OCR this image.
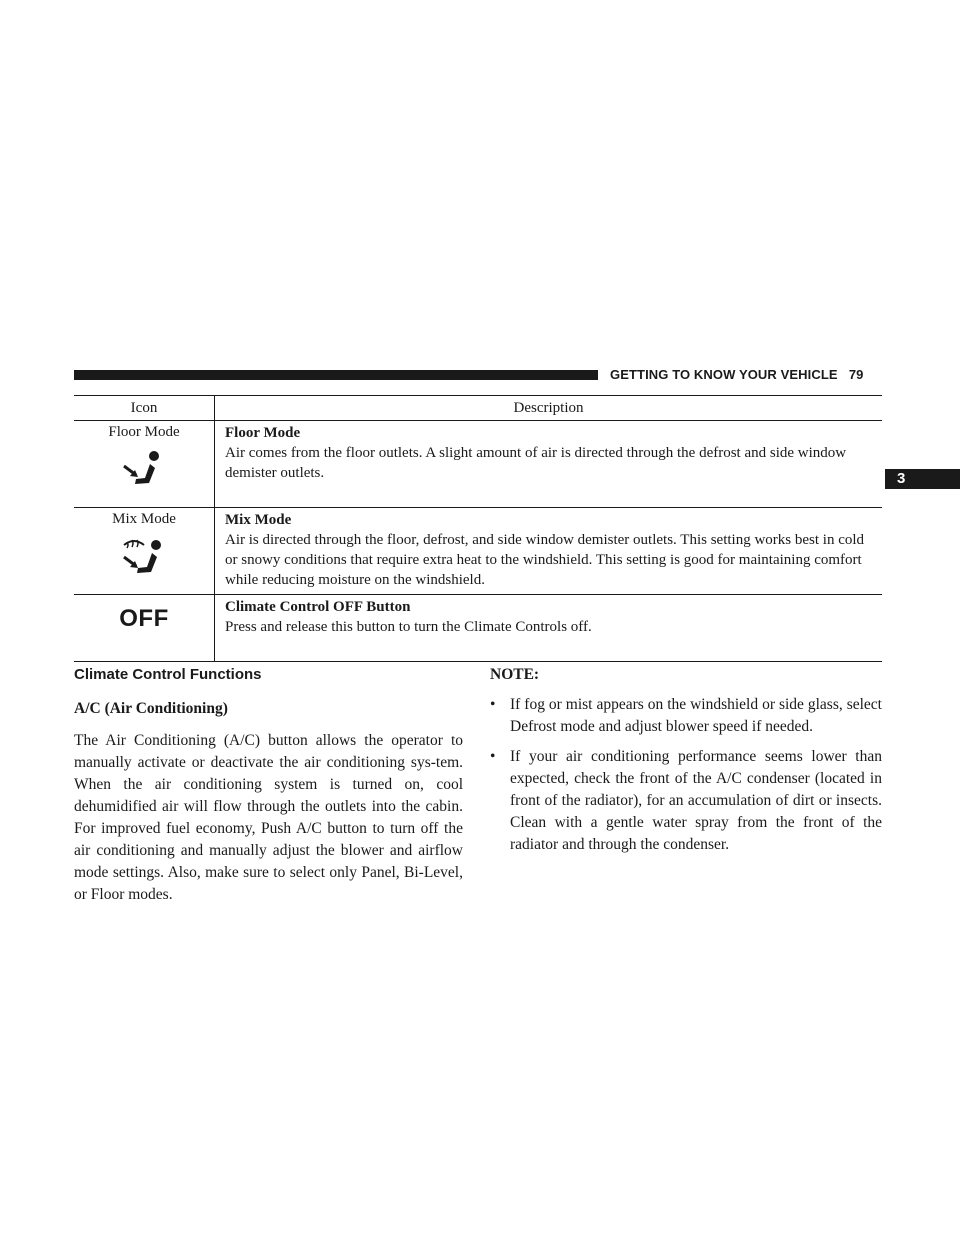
GETTING TO KNOW YOUR VEHICLE 79
3
Icon	Description

Floor Mode	Floor Mode
Air comes from the floor outlets. A slight amount of air is directed through the defrost and side window demister outlets.

Mix Mode	Mix Mode
Air is directed through the floor, defrost, and side window demister outlets. This setting works best in cold or snowy conditions that require extra heat to the windshield. This setting is good for maintaining comfort while reducing moisture on the windshield.

OFF	Climate Control OFF Button
Press and release this button to turn the Climate Controls off.
Climate Control Functions
A/C (Air Conditioning)

The Air Conditioning (A/C) button allows the operator to manually activate or deactivate the air conditioning sys-tem. When the air conditioning system is turned on, cool dehumidified air will flow through the outlets into the cabin. For improved fuel economy, Push A/C button to turn off the air conditioning and manually adjust the blower and airflow mode settings. Also, make sure to select only Panel, Bi-Level, or Floor modes.

NOTE:
• If fog or mist appears on the windshield or side glass, select Defrost mode and adjust blower speed if needed.
• If your air conditioning performance seems lower than expected, check the front of the A/C condenser (located in front of the radiator), for an accumulation of dirt or insects. Clean with a gentle water spray from the front of the radiator and through the condenser.
